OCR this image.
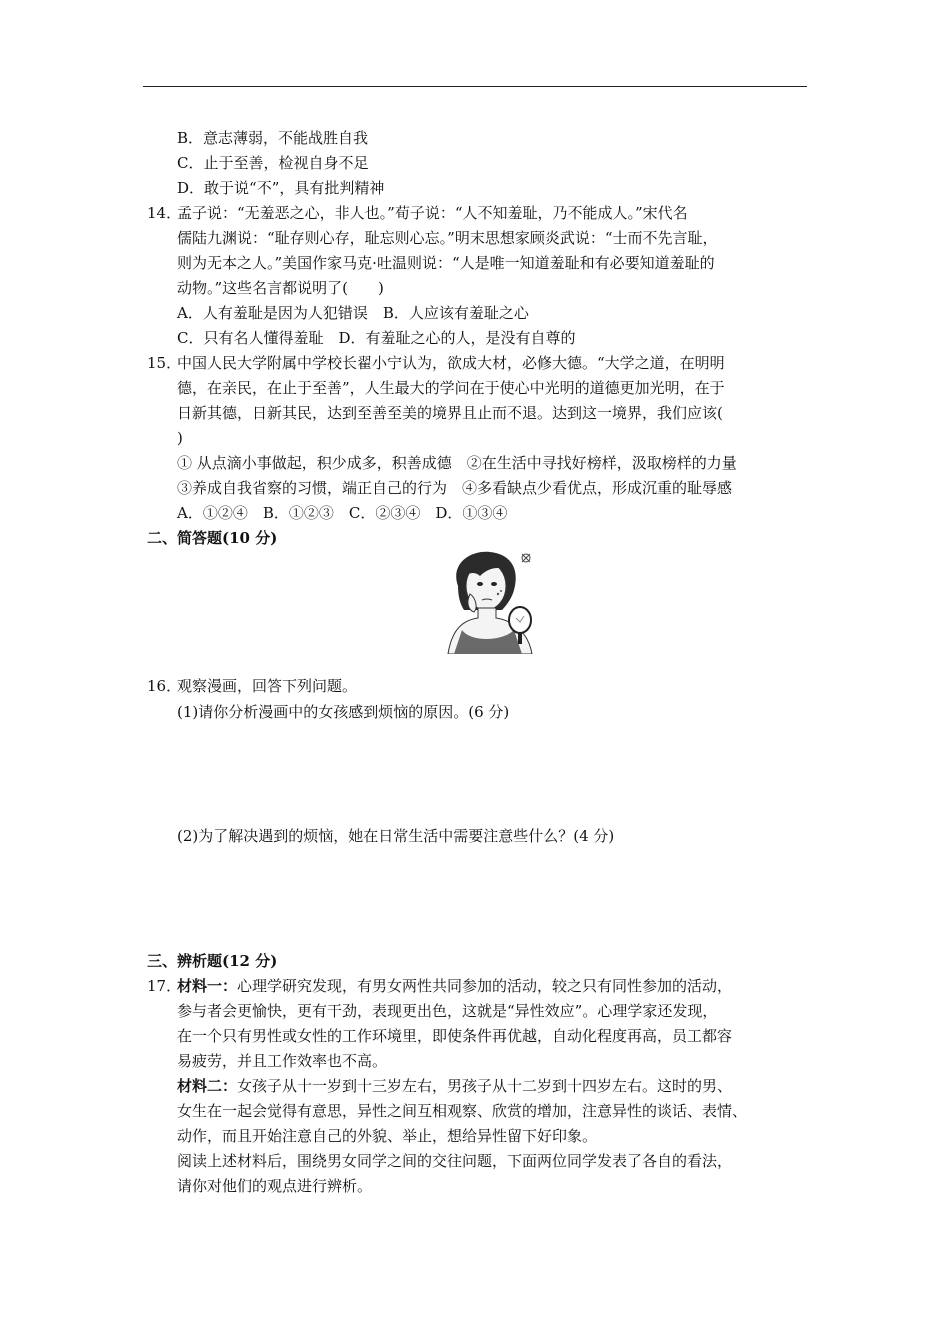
B．意志薄弱，不能战胜自我
C．止于至善，检视自身不足
D．敢于说“不”，具有批判精神
14．
孟子说：“无羞恶之心，非人也。”荀子说：“人不知羞耻，乃不能成人。”宋代名
儒陆九渊说：“耻存则心存，耻忘则心忘。”明末思想家顾炎武说：“士而不先言耻，
则为无本之人。”美国作家马克·吐温则说：“人是唯一知道羞耻和有必要知道羞耻的
动物。”这些名言都说明了(　　)
A．人有羞耻是因为人犯错误　B．人应该有羞耻之心
C．只有名人懂得羞耻　D．有羞耻之心的人，是没有自尊的
15．
中国人民大学附属中学校长翟小宁认为，欲成大材，必修大德。“大学之道，在明明
德，在亲民，在止于至善”，人生最大的学问在于使心中光明的道德更加光明，在于
日新其德，日新其民，达到至善至美的境界且止而不退。达到这一境界，我们应该(
)
① 从点滴小事做起，积少成多，积善成德　②在生活中寻找好榜样，汲取榜样的力量
③养成自我省察的习惯，端正自己的行为　④多看缺点少看优点，形成沉重的耻辱感
A．①②④　B．①②③　C．②③④　D．①③④
二、简答题(10 分)
16．
观察漫画，回答下列问题。
(1)请你分析漫画中的女孩感到烦恼的原因。(6 分)
(2)为了解决遇到的烦恼，她在日常生活中需要注意些什么？(4 分)
三、辨析题(12 分)
17．
材料一：心理学研究发现，有男女两性共同参加的活动，较之只有同性参加的活动，
参与者会更愉快，更有干劲，表现更出色，这就是“异性效应”。心理学家还发现，
在一个只有男性或女性的工作环境里，即使条件再优越，自动化程度再高，员工都容
易疲劳，并且工作效率也不高。
材料二：女孩子从十一岁到十三岁左右，男孩子从十二岁到十四岁左右。这时的男、
女生在一起会觉得有意思，异性之间互相观察、欣赏的增加，注意异性的谈话、表情、
动作，而且开始注意自己的外貌、举止，想给异性留下好印象。
阅读上述材料后，围绕男女同学之间的交往问题，下面两位同学发表了各自的看法，
请你对他们的观点进行辨析。
